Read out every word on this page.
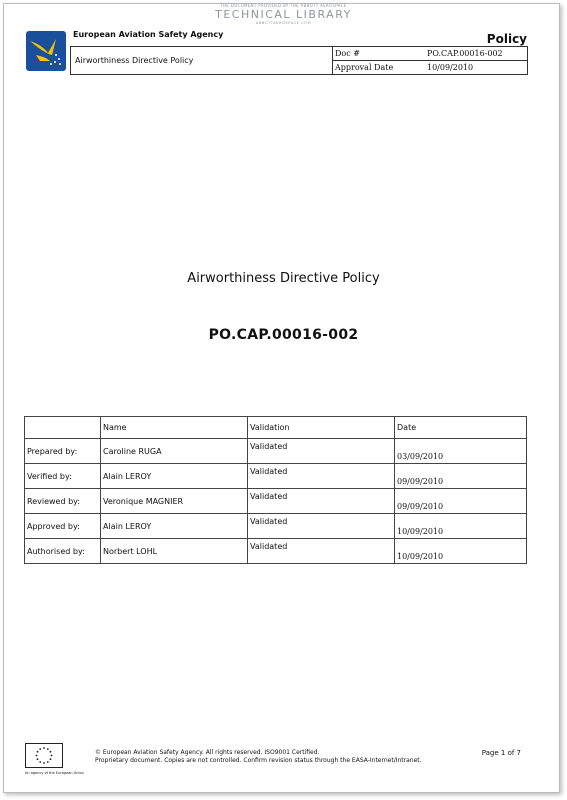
THE DOCUMENT PROVIDED BY THE ABBOTT AEROSPACE
TECHNICAL LIBRARY
ABBOTTAEROSPACE.COM
European Aviation Safety Agency	Policy
Airworthiness Directive Policy	
Doc #	PO.CAP.00016-002
Approval Date	10/09/2010
Airworthiness Directive Policy
PO.CAP.00016-002
	Name	Validation	Date
Prepared by:	Caroline RUGA	Validated	03/09/2010
Verified by:	Alain LEROY	Validated	09/09/2010
Reviewed by:	Veronique MAGNIER	Validated	09/09/2010
Approved by:	Alain LEROY	Validated	10/09/2010
Authorised by:	Norbert LOHL	Validated	10/09/2010
An agency of the European Union
© European Aviation Safety Agency. All rights reserved. ISO9001 Certified.
Proprietary document. Copies are not controlled. Confirm revision status through the EASA-Internet/Intranet.
Page 1 of 7
